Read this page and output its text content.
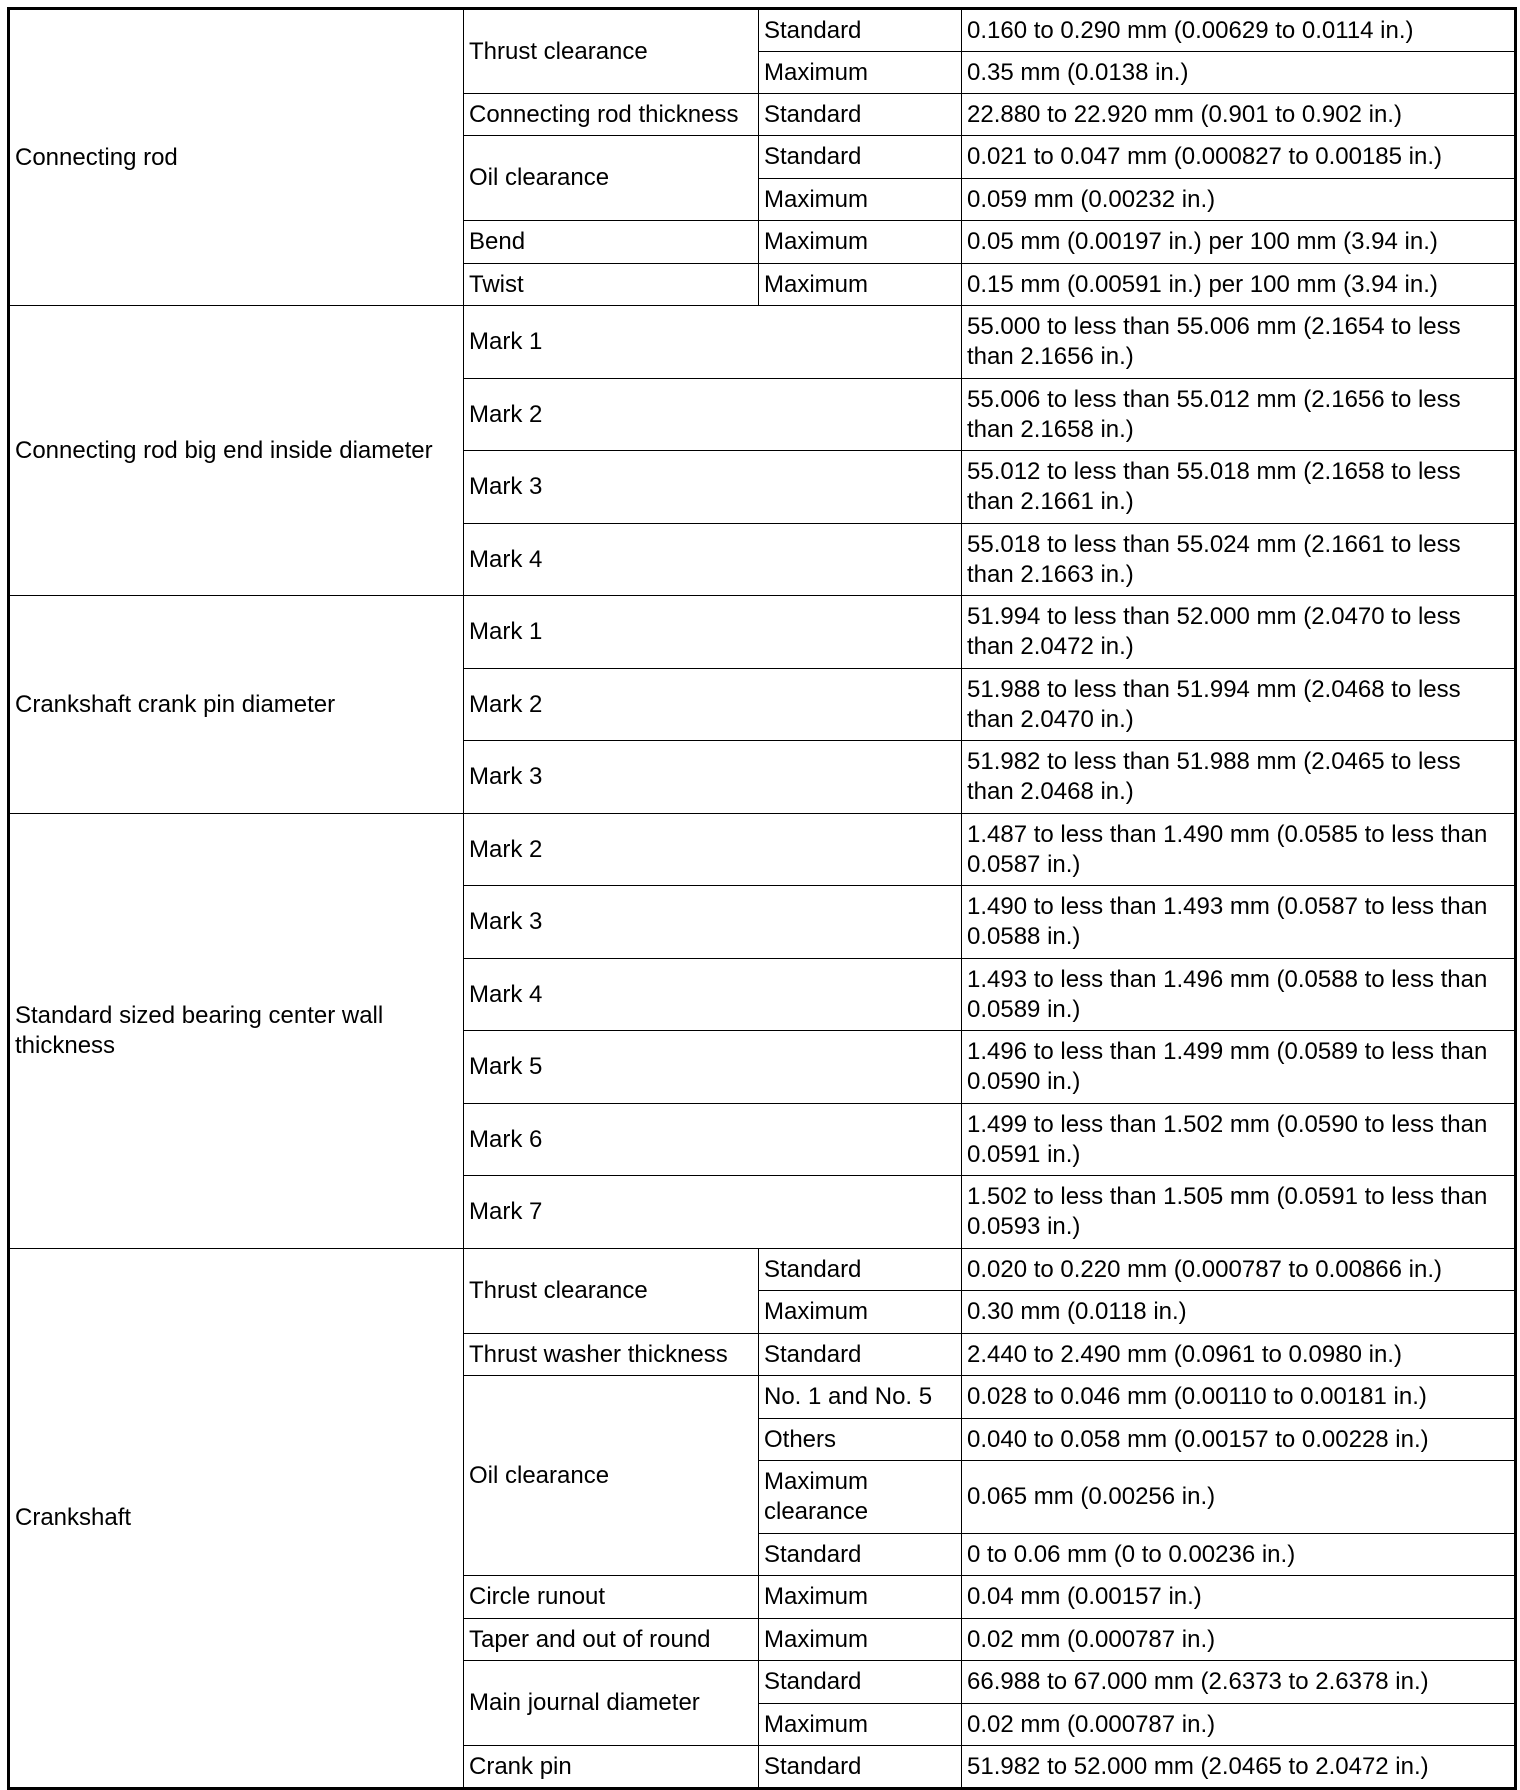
Connecting rod	Thrust clearance	Standard	0.160 to 0.290 mm (0.00629 to 0.0114 in.)
		Maximum	0.35 mm (0.0138 in.)
	Connecting rod thickness	Standard	22.880 to 22.920 mm (0.901 to 0.902 in.)
	Oil clearance	Standard	0.021 to 0.047 mm (0.000827 to 0.00185 in.)
		Maximum	0.059 mm (0.00232 in.)
	Bend	Maximum	0.05 mm (0.00197 in.) per 100 mm (3.94 in.)
	Twist	Maximum	0.15 mm (0.00591 in.) per 100 mm (3.94 in.)
Connecting rod big end inside diameter	Mark 1		55.000 to less than 55.006 mm (2.1654 to less than 2.1656 in.)
	Mark 2		55.006 to less than 55.012 mm (2.1656 to less than 2.1658 in.)
	Mark 3		55.012 to less than 55.018 mm (2.1658 to less than 2.1661 in.)
	Mark 4		55.018 to less than 55.024 mm (2.1661 to less than 2.1663 in.)
Crankshaft crank pin diameter	Mark 1		51.994 to less than 52.000 mm (2.0470 to less than 2.0472 in.)
	Mark 2		51.988 to less than 51.994 mm (2.0468 to less than 2.0470 in.)
	Mark 3		51.982 to less than 51.988 mm (2.0465 to less than 2.0468 in.)
Standard sized bearing center wall thickness	Mark 2		1.487 to less than 1.490 mm (0.0585 to less than 0.0587 in.)
	Mark 3		1.490 to less than 1.493 mm (0.0587 to less than 0.0588 in.)
	Mark 4		1.493 to less than 1.496 mm (0.0588 to less than 0.0589 in.)
	Mark 5		1.496 to less than 1.499 mm (0.0589 to less than 0.0590 in.)
	Mark 6		1.499 to less than 1.502 mm (0.0590 to less than 0.0591 in.)
	Mark 7		1.502 to less than 1.505 mm (0.0591 to less than 0.0593 in.)
Crankshaft	Thrust clearance	Standard	0.020 to 0.220 mm (0.000787 to 0.00866 in.)
		Maximum	0.30 mm (0.0118 in.)
	Thrust washer thickness	Standard	2.440 to 2.490 mm (0.0961 to 0.0980 in.)
	Oil clearance	No. 1 and No. 5	0.028 to 0.046 mm (0.00110 to 0.00181 in.)
		Others	0.040 to 0.058 mm (0.00157 to 0.00228 in.)
		Maximum clearance	0.065 mm (0.00256 in.)
		Standard	0 to 0.06 mm (0 to 0.00236 in.)
	Circle runout	Maximum	0.04 mm (0.00157 in.)
	Taper and out of round	Maximum	0.02 mm (0.000787 in.)
	Main journal diameter	Standard	66.988 to 67.000 mm (2.6373 to 2.6378 in.)
		Maximum	0.02 mm (0.000787 in.)
	Crank pin	Standard	51.982 to 52.000 mm (2.0465 to 2.0472 in.)
